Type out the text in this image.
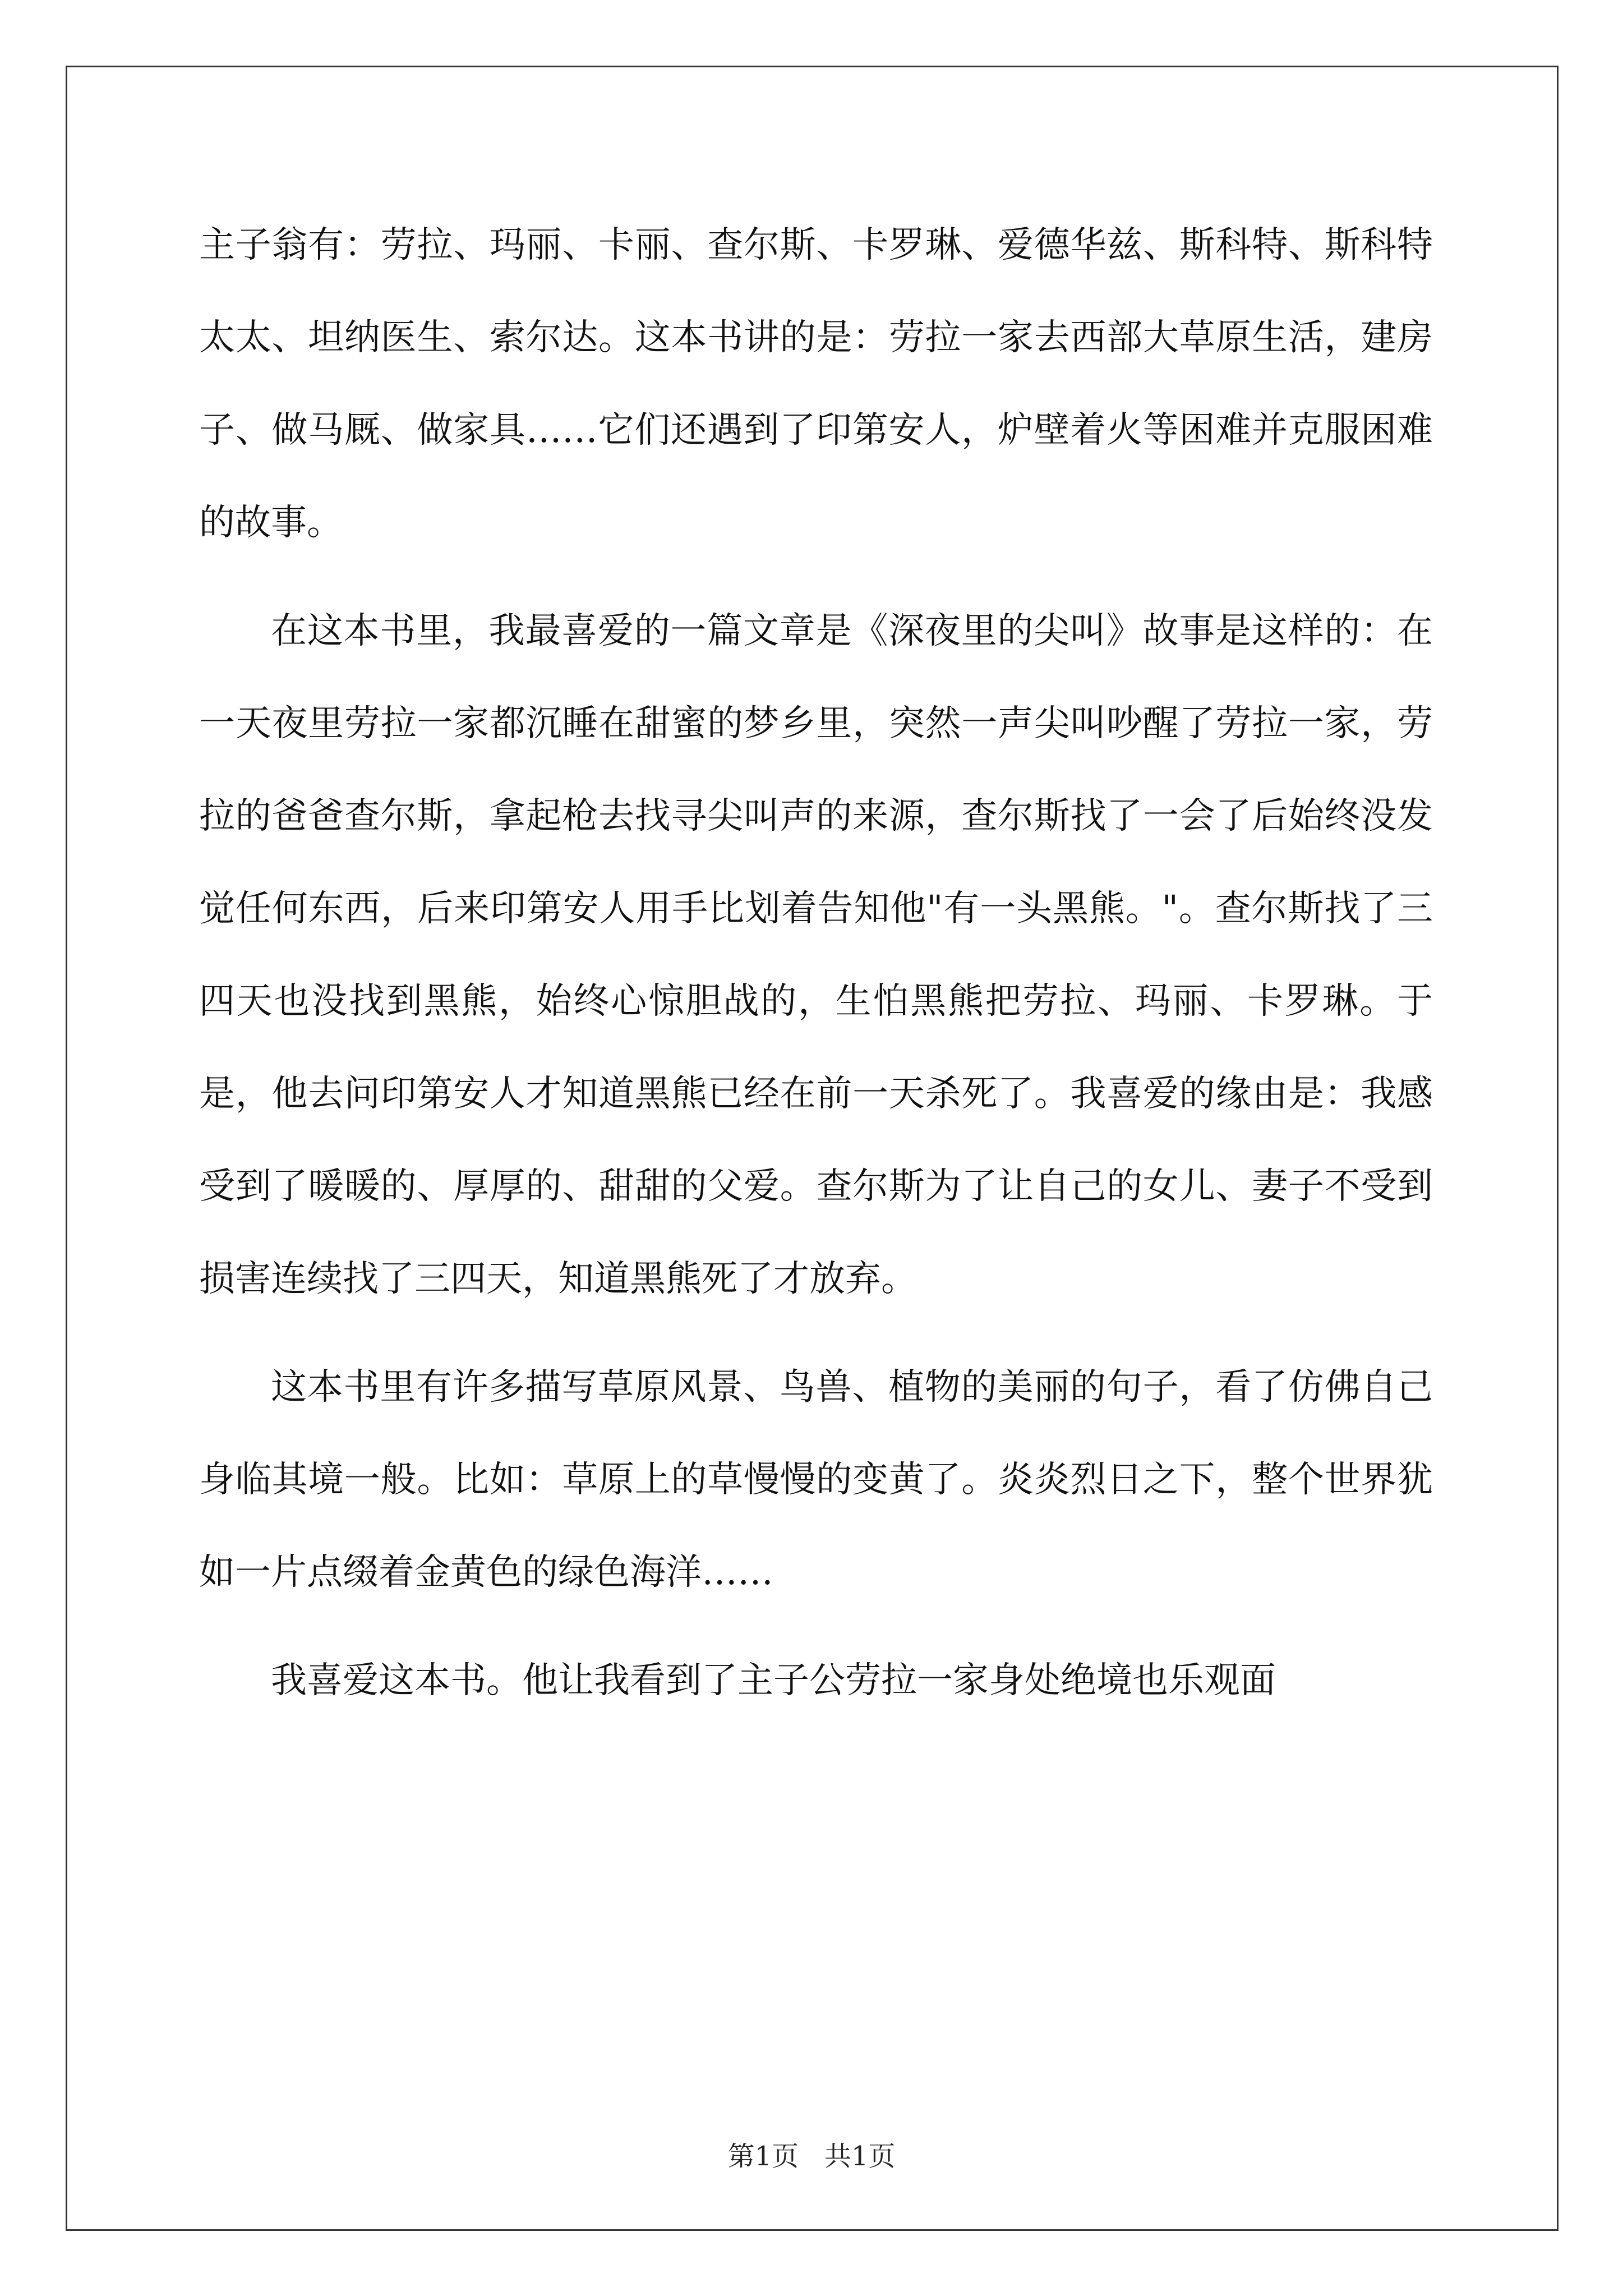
主子翁有：劳拉、玛丽、卡丽、查尔斯、卡罗琳、爱德华兹、斯科特、斯科特太太、坦纳医生、索尔达。这本书讲的是：劳拉一家去西部大草原生活，建房子、做马厩、做家具……它们还遇到了印第安人，炉壁着火等困难并克服困难的故事。

在这本书里，我最喜爱的一篇文章是《深夜里的尖叫》故事是这样的：在一天夜里劳拉一家都沉睡在甜蜜的梦乡里，突然一声尖叫吵醒了劳拉一家，劳拉的爸爸查尔斯，拿起枪去找寻尖叫声的来源，查尔斯找了一会了后始终没发觉任何东西，后来印第安人用手比划着告知他"有一头黑熊。"。查尔斯找了三四天也没找到黑熊，始终心惊胆战的，生怕黑熊把劳拉、玛丽、卡罗琳。于是，他去问印第安人才知道黑熊已经在前一天杀死了。我喜爱的缘由是：我感受到了暖暖的、厚厚的、甜甜的父爱。查尔斯为了让自己的女儿、妻子不受到损害连续找了三四天，知道黑熊死了才放弃。

这本书里有许多描写草原风景、鸟兽、植物的美丽的句子，看了仿佛自己身临其境一般。比如：草原上的草慢慢的变黄了。炎炎烈日之下，整个世界犹如一片点缀着金黄色的绿色海洋……

我喜爱这本书。他让我看到了主子公劳拉一家身处绝境也乐观面

第1页 共1页
